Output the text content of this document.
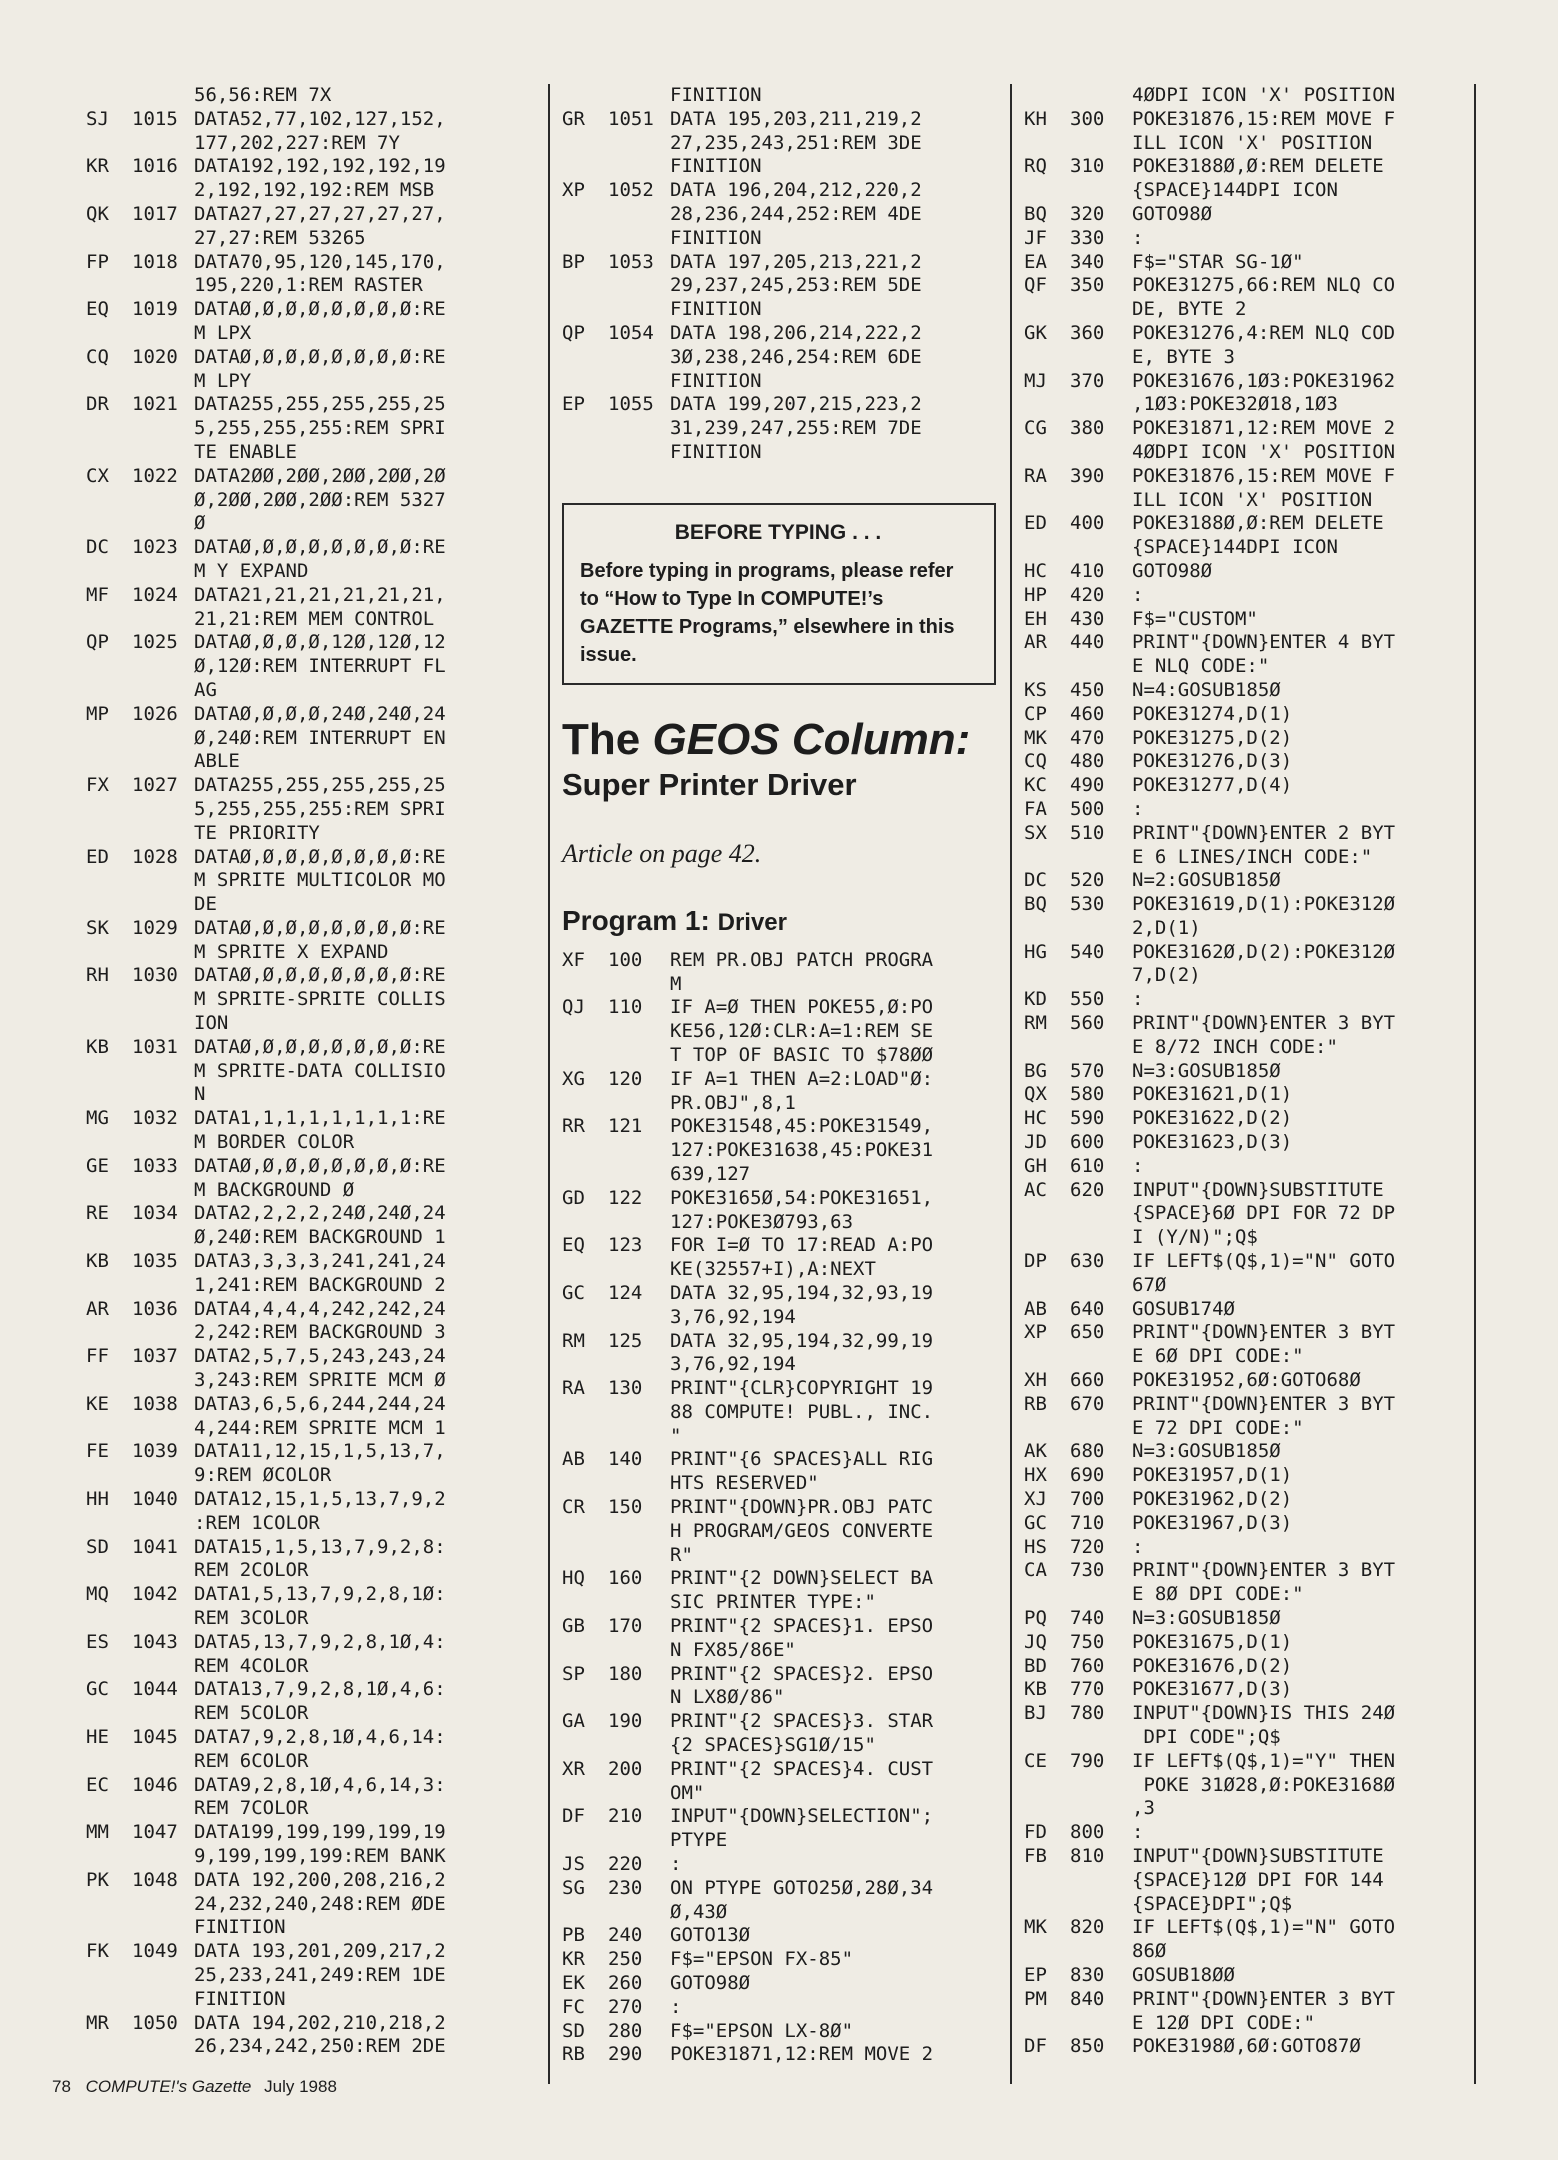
56,56:REM 7X
SJ	1015 DATA52,77,102,127,152,
177,202,227:REM 7Y
KR	1016 DATA192,192,192,192,19
2,192,192,192:REM MSB
QK	1017 DATA27,27,27,27,27,27,
27,27:REM 53265
FP	1018 DATA70,95,120,145,170,
195,220,1:REM RASTER
EQ	1019 DATAØ,Ø,Ø,Ø,Ø,Ø,Ø,Ø:RE
M LPX
CQ	1020 DATAØ,Ø,Ø,Ø,Ø,Ø,Ø,Ø:RE
M LPY
DR	1021 DATA255,255,255,255,25
5,255,255,255:REM SPRI
TE ENABLE
CX	1022 DATA2ØØ,2ØØ,2ØØ,2ØØ,2Ø
Ø,2ØØ,2ØØ,2ØØ:REM 5327
Ø
DC	1023 DATAØ,Ø,Ø,Ø,Ø,Ø,Ø,Ø:RE
M Y EXPAND
MF	1024 DATA21,21,21,21,21,21,
21,21:REM MEM CONTROL
QP	1025 DATAØ,Ø,Ø,Ø,12Ø,12Ø,12
Ø,12Ø:REM INTERRUPT FL
AG
MP	1026 DATAØ,Ø,Ø,Ø,24Ø,24Ø,24
Ø,24Ø:REM INTERRUPT EN
ABLE
FX	1027 DATA255,255,255,255,25
5,255,255,255:REM SPRI
TE PRIORITY
ED	1028 DATAØ,Ø,Ø,Ø,Ø,Ø,Ø,Ø:RE
M SPRITE MULTICOLOR MO
DE
SK	1029 DATAØ,Ø,Ø,Ø,Ø,Ø,Ø,Ø:RE
M SPRITE X EXPAND
RH	1030 DATAØ,Ø,Ø,Ø,Ø,Ø,Ø,Ø:RE
M SPRITE-SPRITE COLLIS
ION
KB	1031 DATAØ,Ø,Ø,Ø,Ø,Ø,Ø,Ø:RE
M SPRITE-DATA COLLISIO
N
MG	1032 DATA1,1,1,1,1,1,1,1:RE
M BORDER COLOR
GE	1033 DATAØ,Ø,Ø,Ø,Ø,Ø,Ø,Ø:RE
M BACKGROUND Ø
RE	1034 DATA2,2,2,2,24Ø,24Ø,24
Ø,24Ø:REM BACKGROUND 1
KB	1035 DATA3,3,3,3,241,241,24
1,241:REM BACKGROUND 2
AR	1036 DATA4,4,4,4,242,242,24
2,242:REM BACKGROUND 3
FF	1037 DATA2,5,7,5,243,243,24
3,243:REM SPRITE MCM Ø
KE	1038 DATA3,6,5,6,244,244,24
4,244:REM SPRITE MCM 1
FE	1039 DATA11,12,15,1,5,13,7,
9:REM ØCOLOR
HH	1040 DATA12,15,1,5,13,7,9,2
:REM 1COLOR
SD	1041 DATA15,1,5,13,7,9,2,8:
REM 2COLOR
MQ	1042 DATA1,5,13,7,9,2,8,1Ø:
REM 3COLOR
ES	1043 DATA5,13,7,9,2,8,1Ø,4:
REM 4COLOR
GC	1044 DATA13,7,9,2,8,1Ø,4,6:
REM 5COLOR
HE	1045 DATA7,9,2,8,1Ø,4,6,14:
REM 6COLOR
EC	1046 DATA9,2,8,1Ø,4,6,14,3:
REM 7COLOR
MM	1047 DATA199,199,199,199,19
9,199,199,199:REM BANK
PK	1048 DATA 192,200,208,216,2
24,232,240,248:REM ØDE
FINITION
FK	1049 DATA 193,201,209,217,2
25,233,241,249:REM 1DE
FINITION
MR	1050 DATA 194,202,210,218,2
26,234,242,250:REM 2DE
FINITION
GR	1051 DATA 195,203,211,219,2
27,235,243,251:REM 3DE
FINITION
XP	1052 DATA 196,204,212,220,2
28,236,244,252:REM 4DE
FINITION
BP	1053 DATA 197,205,213,221,2
29,237,245,253:REM 5DE
FINITION
QP	1054 DATA 198,206,214,222,2
3Ø,238,246,254:REM 6DE
FINITION
EP	1055 DATA 199,207,215,223,2
31,239,247,255:REM 7DE
FINITION
BEFORE TYPING . . .
Before typing in programs, please refer to “How to Type In COMPUTE!’s GAZETTE Programs,” elsewhere in this issue.
The GEOS Column:
Super Printer Driver
Article on page 42.
Program 1: Driver
XF	100	REM PR.OBJ PATCH PROGRA
M
QJ	110	IF A=Ø THEN POKE55,Ø:PO
KE56,12Ø:CLR:A=1:REM SE
T TOP OF BASIC TO $78ØØ
XG	120	IF A=1 THEN A=2:LOAD"Ø:
PR.OBJ",8,1
RR	121	POKE31548,45:POKE31549,
127:POKE31638,45:POKE31
639,127
GD	122	POKE3165Ø,54:POKE31651,
127:POKE3Ø793,63
EQ	123	FOR I=Ø TO 17:READ A:PO
KE(32557+I),A:NEXT
GC	124	DATA 32,95,194,32,93,19
3,76,92,194
RM	125	DATA 32,95,194,32,99,19
3,76,92,194
RA	130	PRINT"{CLR}COPYRIGHT 19
88 COMPUTE! PUBL., INC.
"
AB	140	PRINT"{6 SPACES}ALL RIG
HTS RESERVED"
CR	150	PRINT"{DOWN}PR.OBJ PATC
H PROGRAM/GEOS CONVERTE
R"
HQ	160	PRINT"{2 DOWN}SELECT BA
SIC PRINTER TYPE:"
GB	170	PRINT"{2 SPACES}1. EPSO
N FX85/86E"
SP	180	PRINT"{2 SPACES}2. EPSO
N LX8Ø/86"
GA	190	PRINT"{2 SPACES}3. STAR
{2 SPACES}SG1Ø/15"
XR	200	PRINT"{2 SPACES}4. CUST
OM"
DF	210	INPUT"{DOWN}SELECTION";
PTYPE
JS	220	:
SG	230	ON PTYPE GOTO25Ø,28Ø,34
Ø,43Ø
PB	240	GOTO13Ø
KR	250	F$="EPSON FX-85"
EK	260	GOTO98Ø
FC	270	:
SD	280	F$="EPSON LX-8Ø"
RB	290	POKE31871,12:REM MOVE 2
4ØDPI ICON 'X' POSITION
KH	300	POKE31876,15:REM MOVE F
ILL ICON 'X' POSITION
RQ	310	POKE3188Ø,Ø:REM DELETE
{SPACE}144DPI ICON
BQ	320	GOTO98Ø
JF	330	:
EA	340	F$="STAR SG-1Ø"
QF	350	POKE31275,66:REM NLQ CO
DE, BYTE 2
GK	360	POKE31276,4:REM NLQ COD
E, BYTE 3
MJ	370	POKE31676,1Ø3:POKE31962
,1Ø3:POKE32Ø18,1Ø3
CG	380	POKE31871,12:REM MOVE 2
4ØDPI ICON 'X' POSITION
RA	390	POKE31876,15:REM MOVE F
ILL ICON 'X' POSITION
ED	400	POKE3188Ø,Ø:REM DELETE
{SPACE}144DPI ICON
HC	410	GOTO98Ø
HP	420	:
EH	430	F$="CUSTOM"
AR	440	PRINT"{DOWN}ENTER 4 BYT
E NLQ CODE:"
KS	450	N=4:GOSUB185Ø
CP	460	POKE31274,D(1)
MK	470	POKE31275,D(2)
CQ	480	POKE31276,D(3)
KC	490	POKE31277,D(4)
FA	500	:
SX	510	PRINT"{DOWN}ENTER 2 BYT
E 6 LINES/INCH CODE:"
DC	520	N=2:GOSUB185Ø
BQ	530	POKE31619,D(1):POKE312Ø
2,D(1)
HG	540	POKE3162Ø,D(2):POKE312Ø
7,D(2)
KD	550	:
RM	560	PRINT"{DOWN}ENTER 3 BYT
E 8/72 INCH CODE:"
BG	570	N=3:GOSUB185Ø
QX	580	POKE31621,D(1)
HC	590	POKE31622,D(2)
JD	600	POKE31623,D(3)
GH	610	:
AC	620	INPUT"{DOWN}SUBSTITUTE
{SPACE}6Ø DPI FOR 72 DP
I (Y/N)";Q$
DP	630	IF LEFT$(Q$,1)="N" GOTO
67Ø
AB	640	GOSUB174Ø
XP	650	PRINT"{DOWN}ENTER 3 BYT
E 6Ø DPI CODE:"
XH	660	POKE31952,6Ø:GOTO68Ø
RB	670	PRINT"{DOWN}ENTER 3 BYT
E 72 DPI CODE:"
AK	680	N=3:GOSUB185Ø
HX	690	POKE31957,D(1)
XJ	700	POKE31962,D(2)
GC	710	POKE31967,D(3)
HS	720	:
CA	730	PRINT"{DOWN}ENTER 3 BYT
E 8Ø DPI CODE:"
PQ	740	N=3:GOSUB185Ø
JQ	750	POKE31675,D(1)
BD	760	POKE31676,D(2)
KB	770	POKE31677,D(3)
BJ	780	INPUT"{DOWN}IS THIS 24Ø
DPI CODE";Q$
CE	790	IF LEFT$(Q$,1)="Y" THEN
POKE 31Ø28,Ø:POKE3168Ø
,3
FD	800	:
FB	810	INPUT"{DOWN}SUBSTITUTE
{SPACE}12Ø DPI FOR 144
{SPACE}DPI";Q$
MK	820	IF LEFT$(Q$,1)="N" GOTO
86Ø
EP	830	GOSUB18ØØ
PM	840	PRINT"{DOWN}ENTER 3 BYT
E 12Ø DPI CODE:"
DF	850	POKE3198Ø,6Ø:GOTO87Ø
78 COMPUTE!'s Gazette July 1988
